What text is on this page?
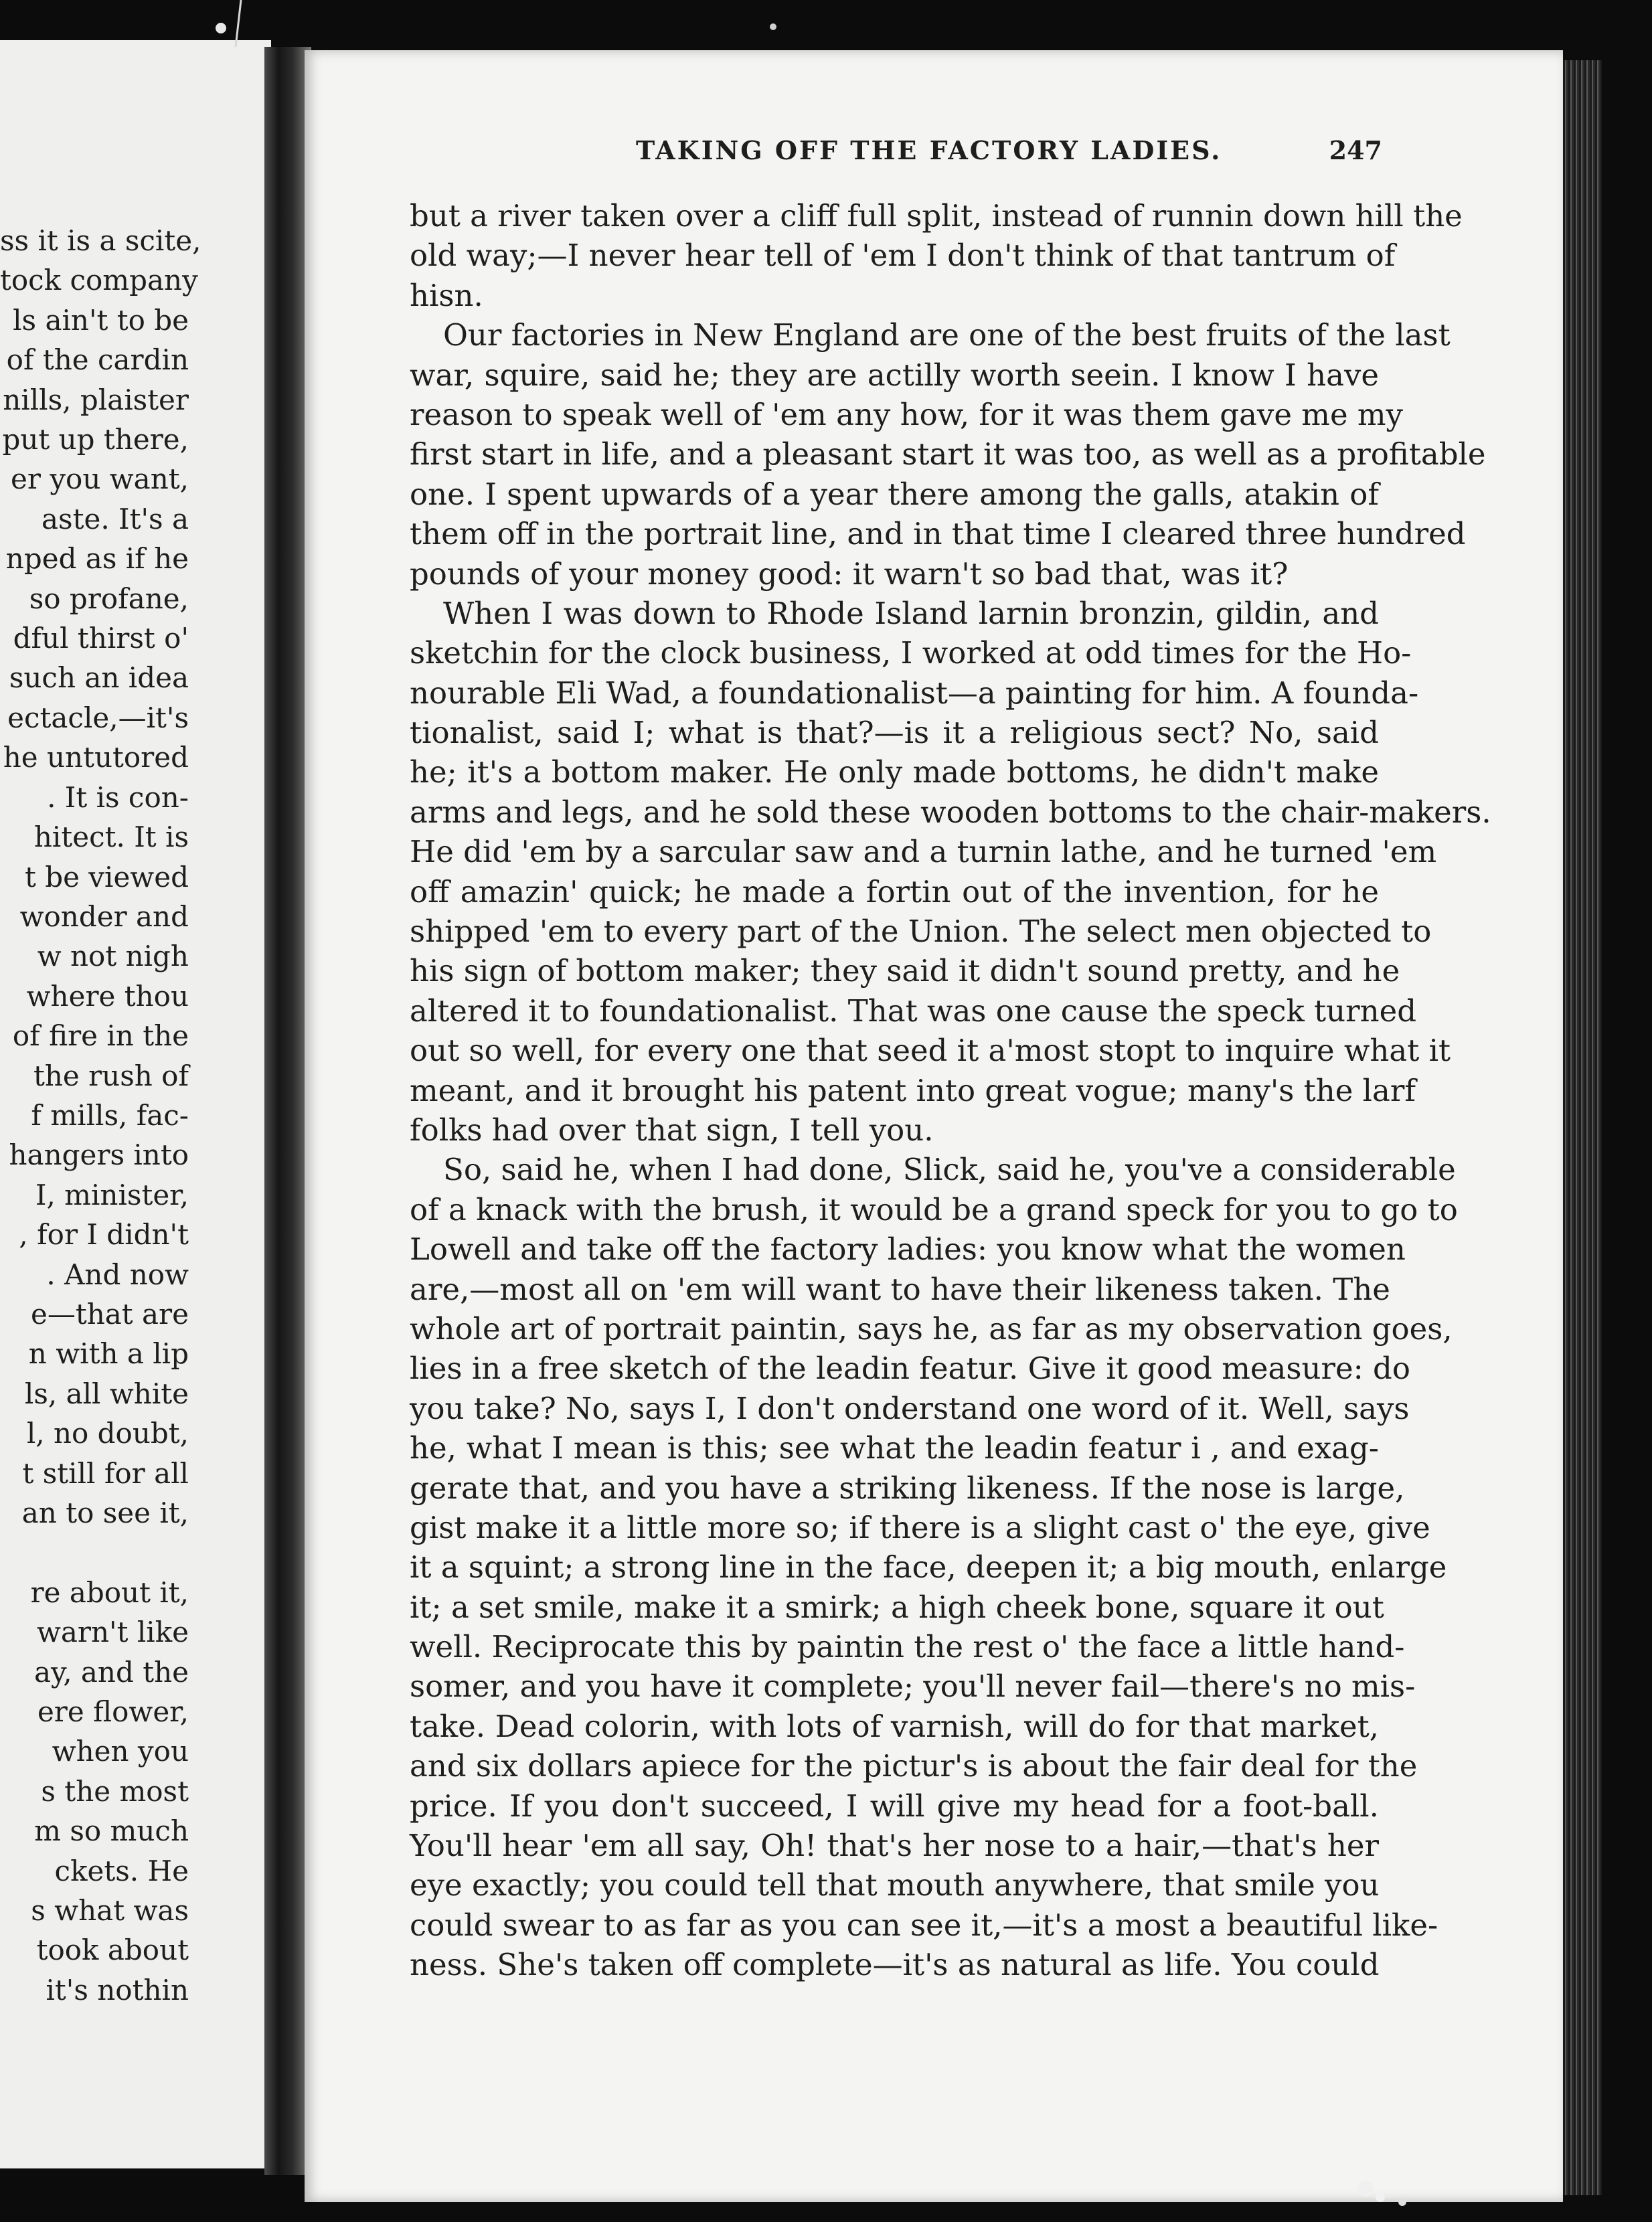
ss it is a scite,
tock company
ls ain't to be
of the cardin
nills, plaister
put up there,
er you want,
aste. It's a
nped as if he
so profane,
dful thirst o'
such an idea
ectacle,—it's
he untutored
. It is con-
hitect. It is
t be viewed
wonder and
w not nigh
where thou
of fire in the
the rush of
f mills, fac-
hangers into
I, minister,
, for I didn't
. And now
e—that are
n with a lip
ls, all white
l, no doubt,
t still for all
an to see it,

re about it,
warn't like
ay, and the
ere flower,
when you
s the most
m so much
ckets. He
s what was
took about
it's nothin
TAKING OFF THE FACTORY LADIES.	247
but a river taken over a cliff full split, instead of runnin down hill the
old way;—I never hear tell of 'em I don't think of that tantrum of
hisn.
Our factories in New England are one of the best fruits of the last
war, squire, said he; they are actilly worth seein. I know I have
reason to speak well of 'em any how, for it was them gave me my
first start in life, and a pleasant start it was too, as well as a profitable
one. I spent upwards of a year there among the galls, atakin of
them off in the portrait line, and in that time I cleared three hundred
pounds of your money good: it warn't so bad that, was it?
When I was down to Rhode Island larnin bronzin, gildin, and
sketchin for the clock business, I worked at odd times for the Ho-
nourable Eli Wad, a foundationalist—a painting for him. A founda-
tionalist, said I; what is that?—is it a religious sect? No, said
he; it's a bottom maker. He only made bottoms, he didn't make
arms and legs, and he sold these wooden bottoms to the chair-makers.
He did 'em by a sarcular saw and a turnin lathe, and he turned 'em
off amazin' quick; he made a fortin out of the invention, for he
shipped 'em to every part of the Union. The select men objected to
his sign of bottom maker; they said it didn't sound pretty, and he
altered it to foundationalist. That was one cause the speck turned
out so well, for every one that seed it a'most stopt to inquire what it
meant, and it brought his patent into great vogue; many's the larf
folks had over that sign, I tell you.
So, said he, when I had done, Slick, said he, you've a considerable
of a knack with the brush, it would be a grand speck for you to go to
Lowell and take off the factory ladies: you know what the women
are,—most all on 'em will want to have their likeness taken. The
whole art of portrait paintin, says he, as far as my observation goes,
lies in a free sketch of the leadin featur. Give it good measure: do
you take? No, says I, I don't onderstand one word of it. Well, says
he, what I mean is this; see what the leadin featur i , and exag-
gerate that, and you have a striking likeness. If the nose is large,
gist make it a little more so; if there is a slight cast o' the eye, give
it a squint; a strong line in the face, deepen it; a big mouth, enlarge
it; a set smile, make it a smirk; a high cheek bone, square it out
well. Reciprocate this by paintin the rest o' the face a little hand-
somer, and you have it complete; you'll never fail—there's no mis-
take. Dead colorin, with lots of varnish, will do for that market,
and six dollars apiece for the pictur's is about the fair deal for the
price. If you don't succeed, I will give my head for a foot-ball.
You'll hear 'em all say, Oh! that's her nose to a hair,—that's her
eye exactly; you could tell that mouth anywhere, that smile you
could swear to as far as you can see it,—it's a most a beautiful like-
ness. She's taken off complete—it's as natural as life. You could
